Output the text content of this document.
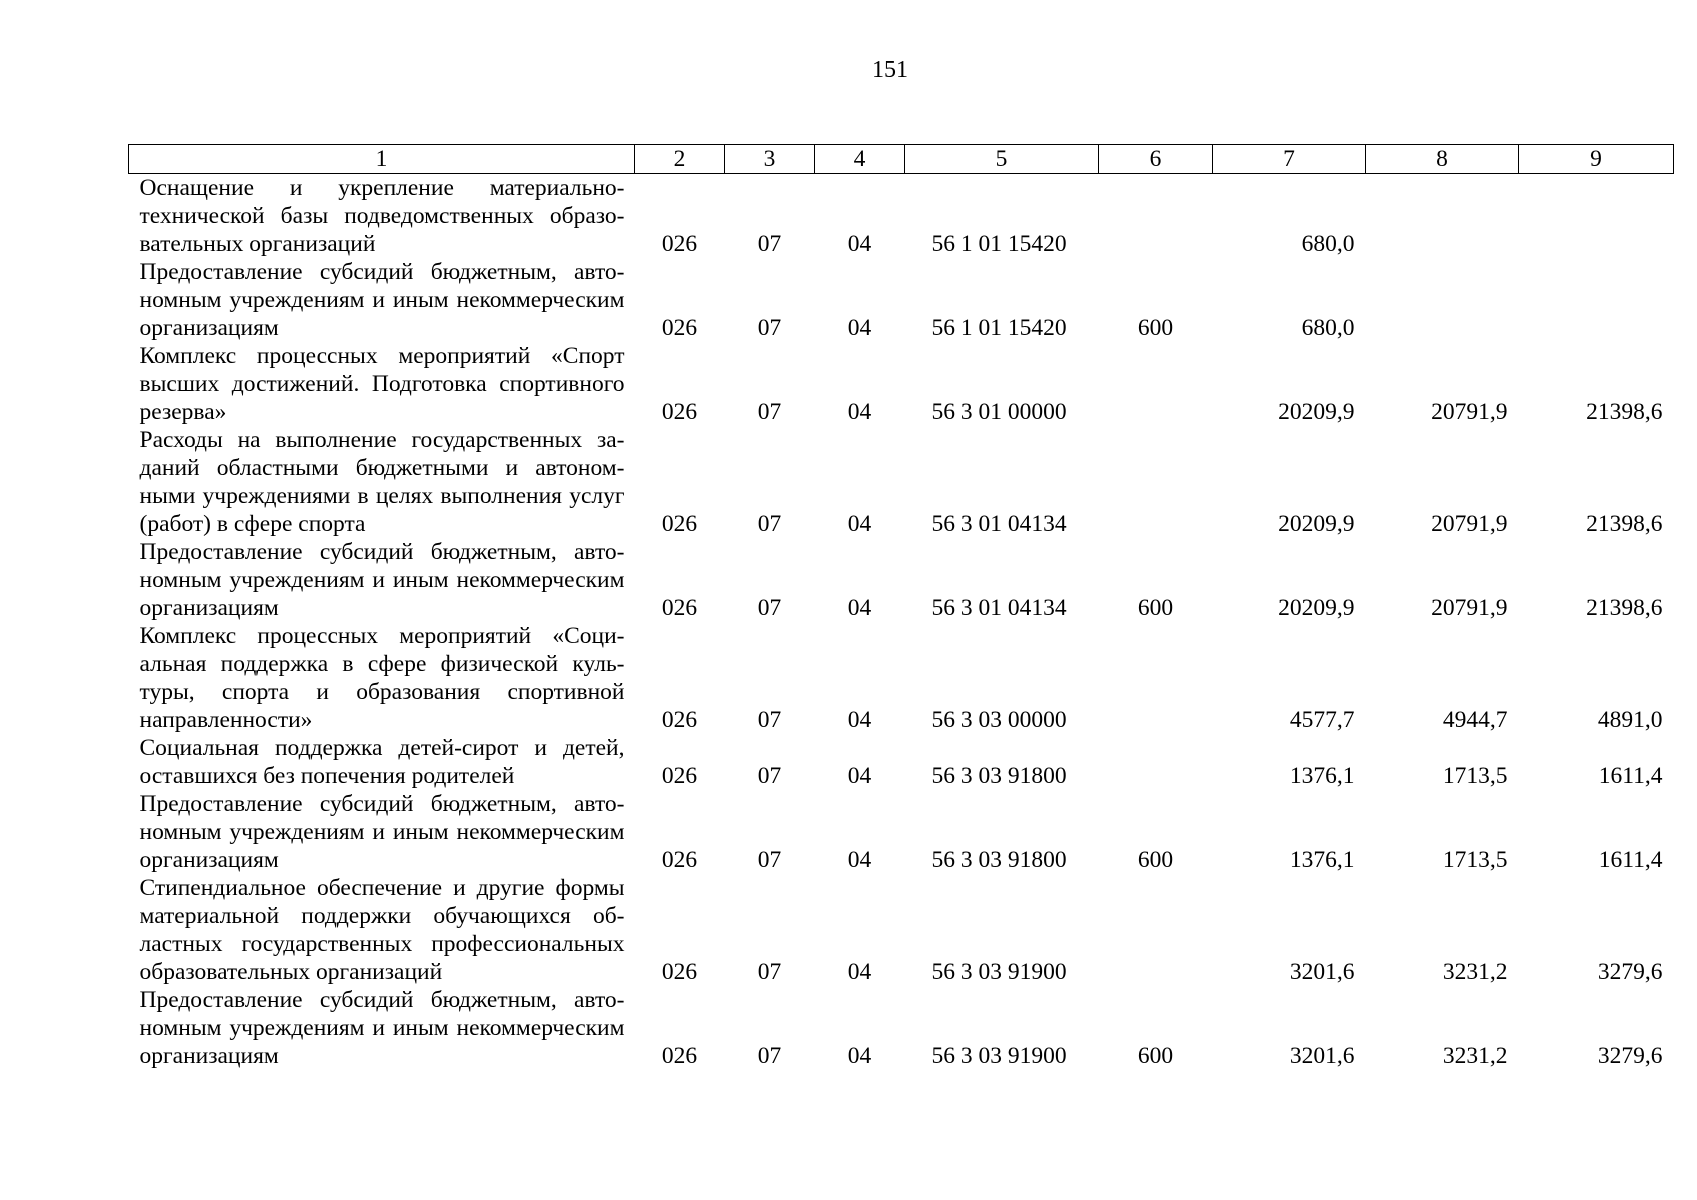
151
1	2	3	4	5	6	7	8	9
Оснащение и укрепление материально-технической базы подведомственных образовательных организаций	026	07	04	56 1 01 15420		680,0		
Предоставление субсидий бюджетным, автономным учреждениям и иным некоммерческим организациям	026	07	04	56 1 01 15420	600	680,0		
Комплекс процессных мероприятий «Спорт высших достижений. Подготовка спортивного резерва»	026	07	04	56 3 01 00000		20209,9	20791,9	21398,6
Расходы на выполнение государственных заданий областными бюджетными и автономными учреждениями в целях выполнения услуг (работ) в сфере спорта	026	07	04	56 3 01 04134		20209,9	20791,9	21398,6
Предоставление субсидий бюджетным, автономным учреждениям и иным некоммерческим организациям	026	07	04	56 3 01 04134	600	20209,9	20791,9	21398,6
Комплекс процессных мероприятий «Социальная поддержка в сфере физической культуры, спорта и образования спортивной направленности»	026	07	04	56 3 03 00000		4577,7	4944,7	4891,0
Социальная поддержка детей-сирот и детей, оставшихся без попечения родителей	026	07	04	56 3 03 91800		1376,1	1713,5	1611,4
Предоставление субсидий бюджетным, автономным учреждениям и иным некоммерческим организациям	026	07	04	56 3 03 91800	600	1376,1	1713,5	1611,4
Стипендиальное обеспечение и другие формы материальной поддержки обучающихся областных государственных профессиональных образовательных организаций	026	07	04	56 3 03 91900		3201,6	3231,2	3279,6
Предоставление субсидий бюджетным, автономным учреждениям и иным некоммерческим организациям	026	07	04	56 3 03 91900	600	3201,6	3231,2	3279,6
